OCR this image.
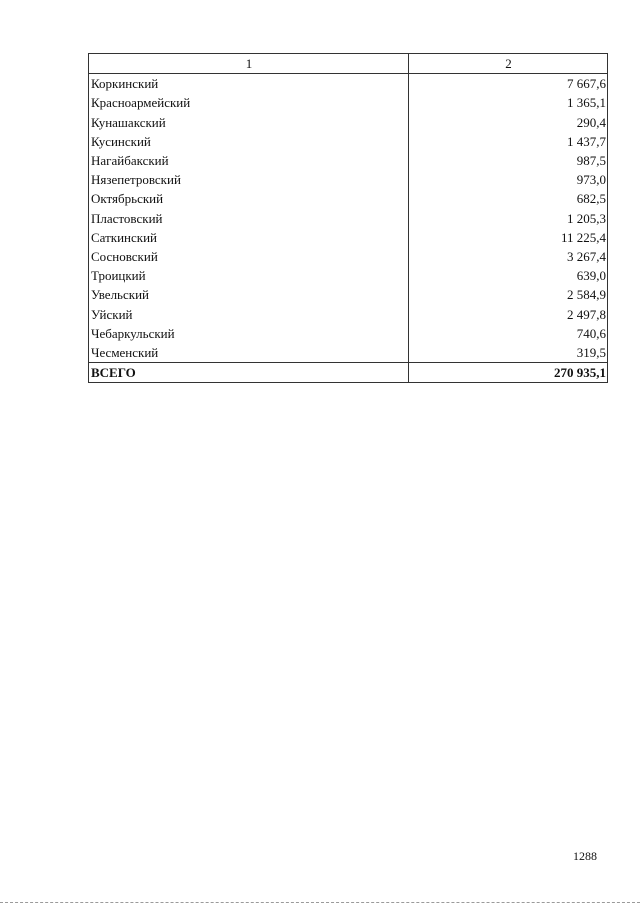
1	2
Коркинский	7 667,6
Красноармейский	1 365,1
Кунашакский	290,4
Кусинский	1 437,7
Нагайбакский	987,5
Нязепетровский	973,0
Октябрьский	682,5
Пластовский	1 205,3
Саткинский	11 225,4
Сосновский	3 267,4
Троицкий	639,0
Увельский	2 584,9
Уйский	2 497,8
Чебаркульский	740,6
Чесменский	319,5
ВСЕГО	270 935,1
1288
